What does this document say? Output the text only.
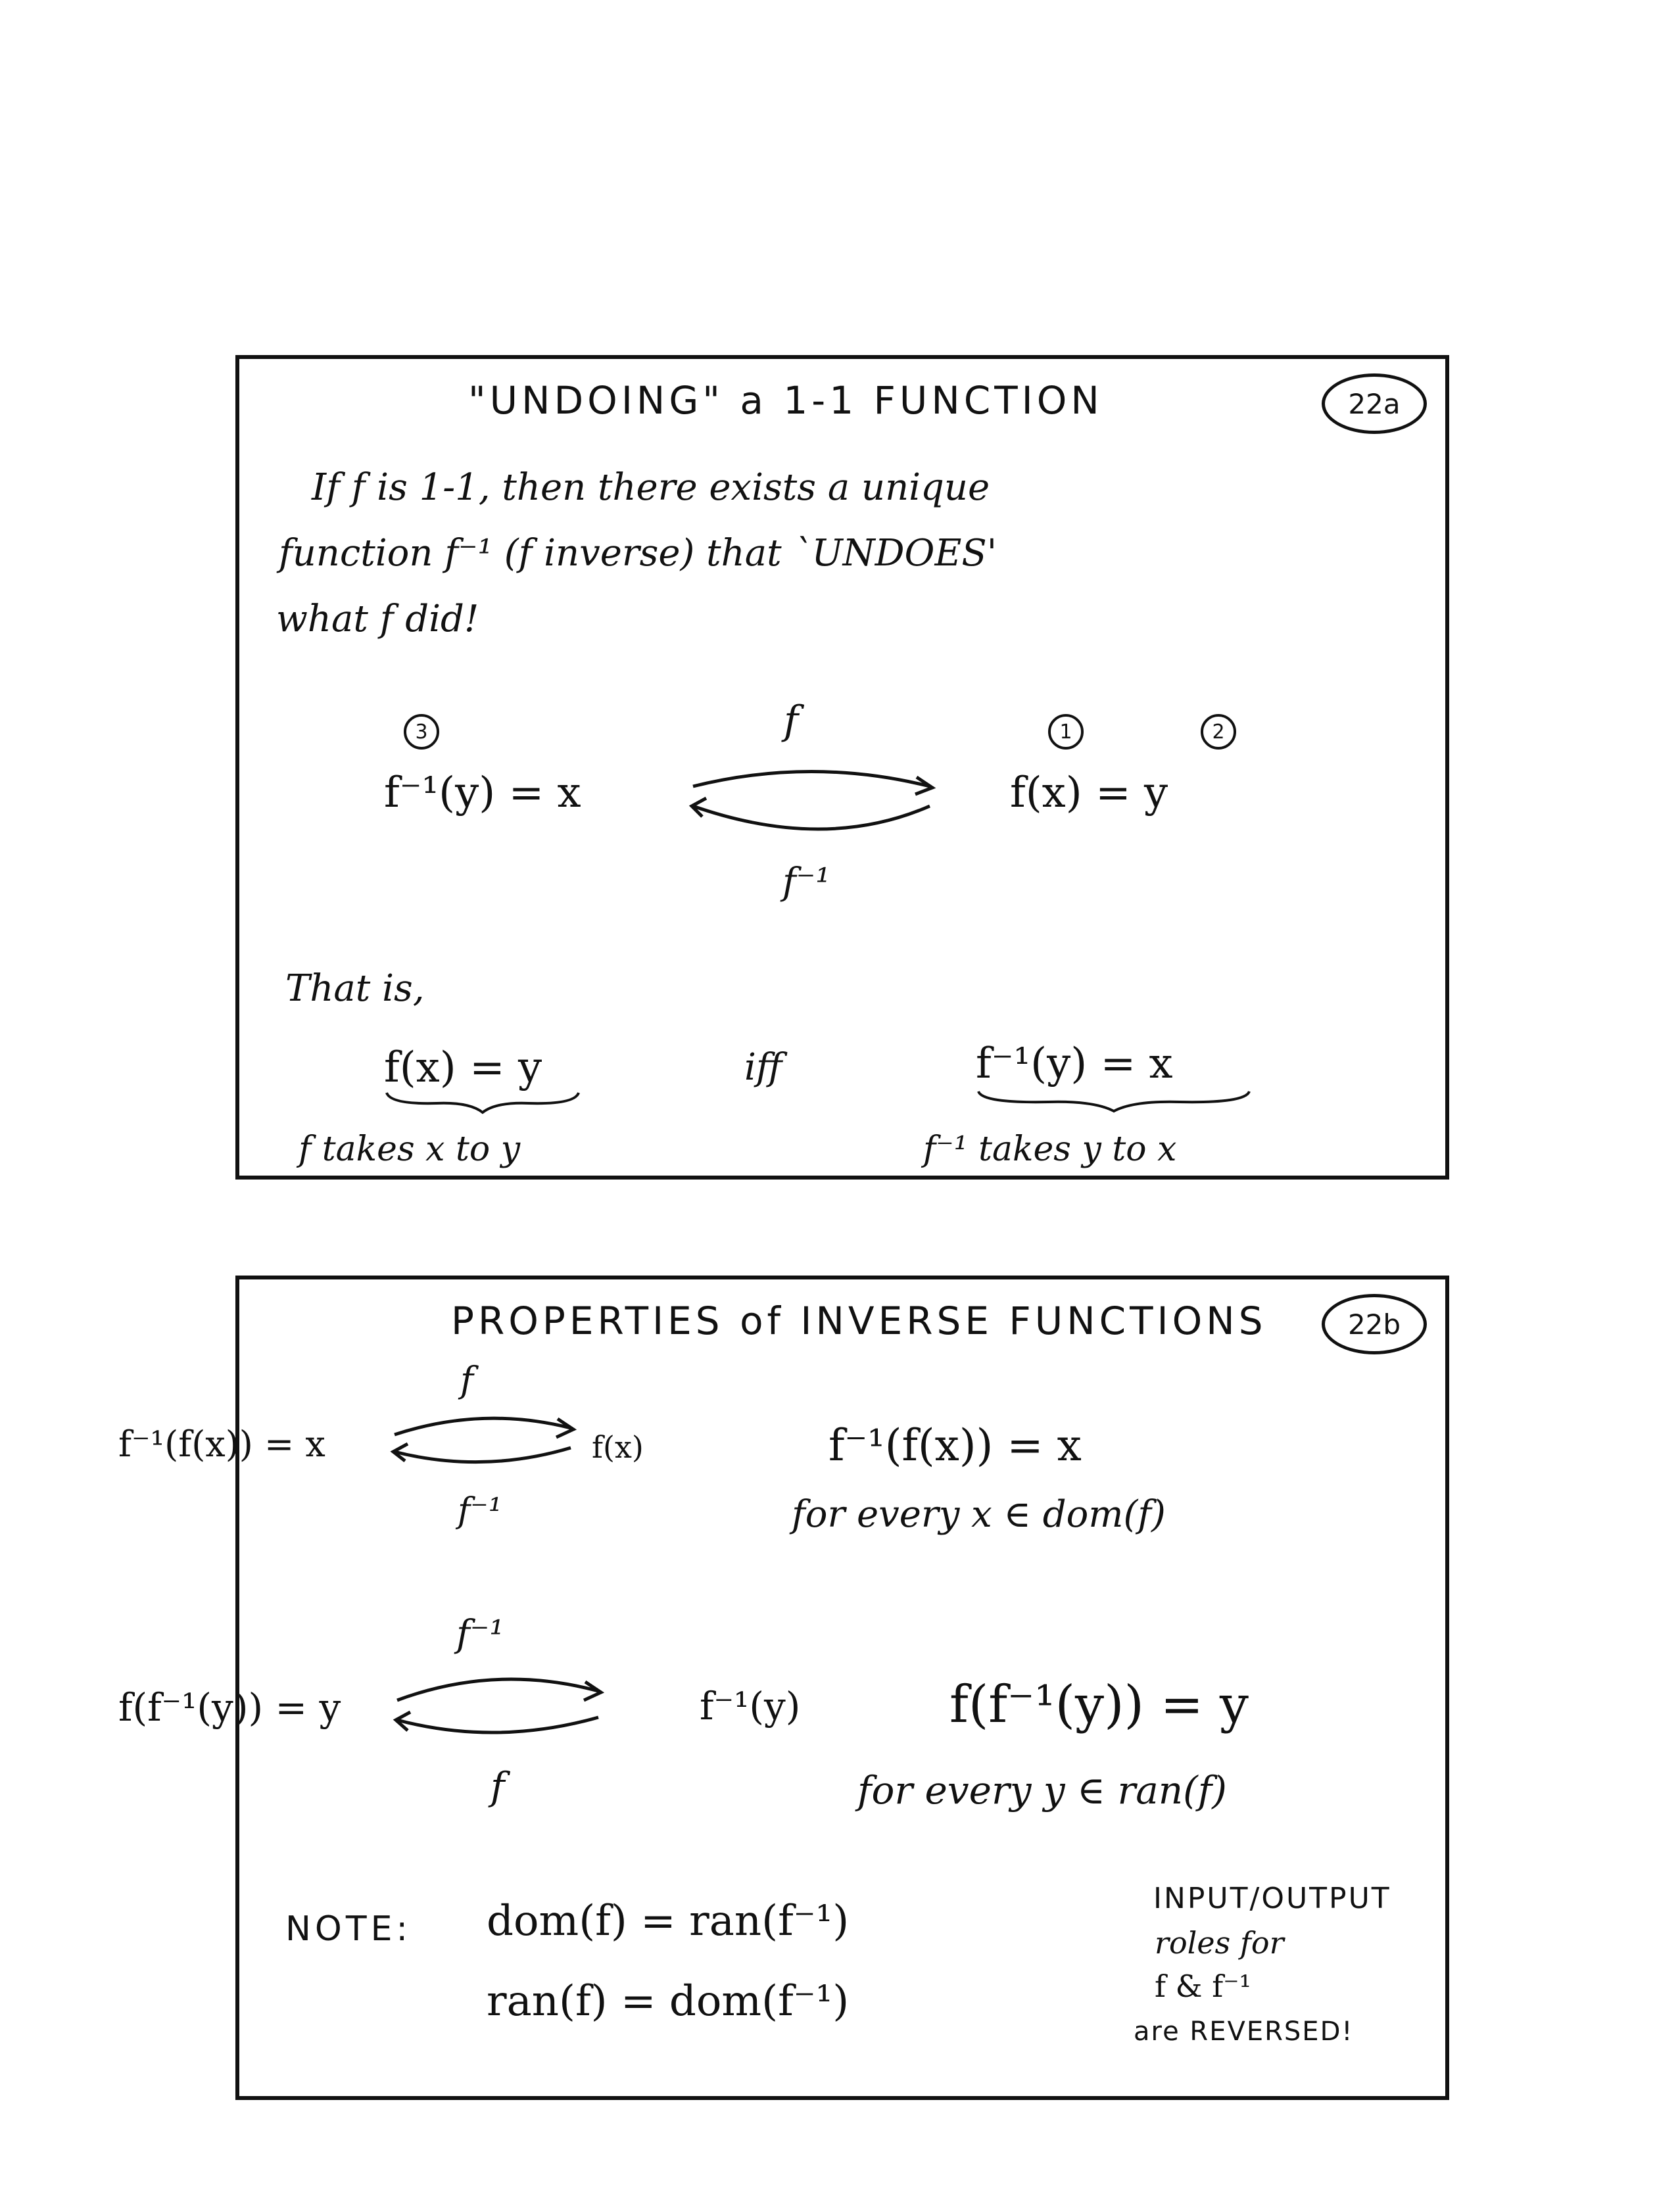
"UNDOING" a 1-1 FUNCTION	22a
If f is 1-1, then there exists a unique
function f⁻¹ (f inverse) that `UNDOES'
what f did!
3	1	2
f⁻¹(y) = x	f(x) = y
f
f⁻¹
That is,
f(x) = y	iff	f⁻¹(y) = x
f takes x to y	f⁻¹ takes y to x
PROPERTIES of INVERSE FUNCTIONS	22b
f
f⁻¹(f(x)) = x	f(x)
f⁻¹
f⁻¹(f(x)) = x
for every x ∈ dom(f)
f⁻¹
f(f⁻¹(y)) = y	f⁻¹(y)
f
f(f⁻¹(y)) = y
for every y ∈ ran(f)
NOTE: dom(f) = ran(f⁻¹)
ran(f) = dom(f⁻¹)
INPUT/OUTPUT
roles for
f & f⁻¹
are REVERSED!
